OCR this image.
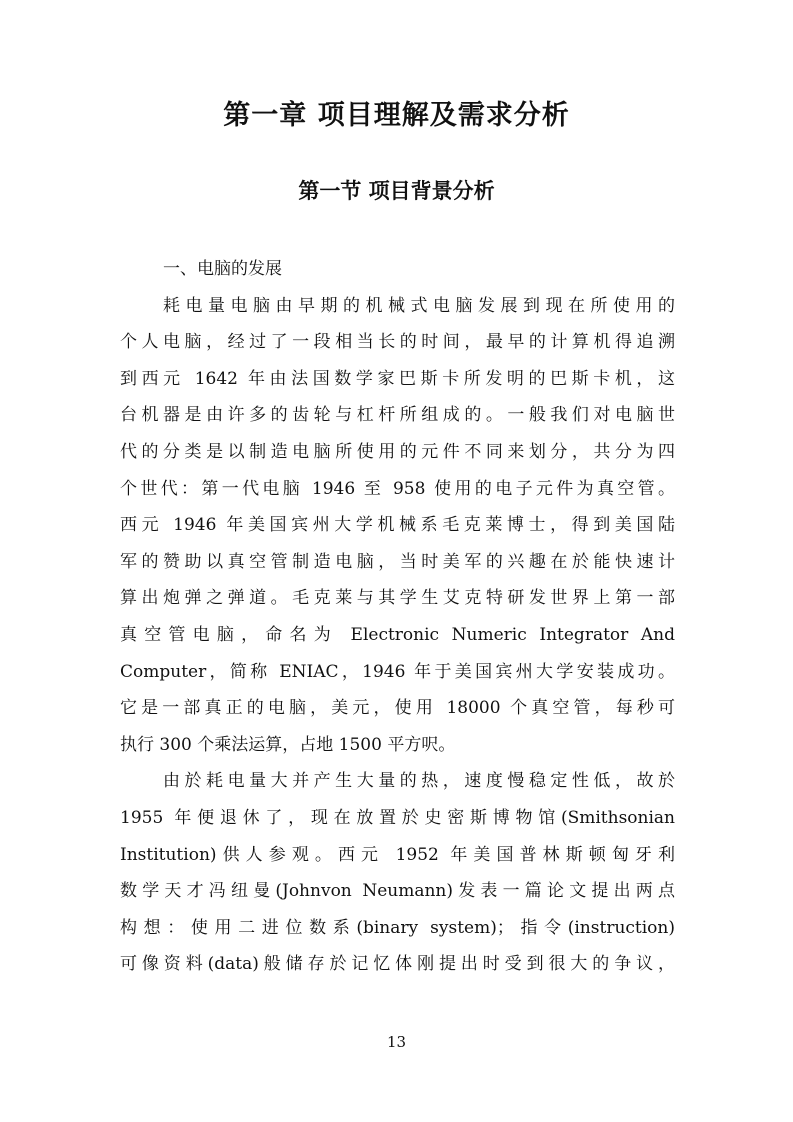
第一章 项目理解及需求分析
第一节 项目背景分析
一、电脑的发展
耗电量电脑由早期的机械式电脑发展到现在所使用的
个人电脑，经过了一段相当长的时间，最早的计算机得追溯
到西元 1642 年由法国数学家巴斯卡所发明的巴斯卡机，这
台机器是由许多的齿轮与杠杆所组成的。一般我们对电脑世
代的分类是以制造电脑所使用的元件不同来划分，共分为四
个世代：第一代电脑 1946 至 958 使用的电子元件为真空管。
西元 1946 年美国宾州大学机械系毛克莱博士，得到美国陆
军的赞助以真空管制造电脑，当时美军的兴趣在於能快速计
算出炮弹之弹道。毛克莱与其学生艾克特研发世界上第一部
真空管电脑，命名为 Electronic Numeric Integrator And
Computer，简称 ENIAC，1946 年于美国宾州大学安装成功。
它是一部真正的电脑，美元，使用 18000 个真空管，每秒可
执行 300 个乘法运算，占地 1500 平方呎。
由於耗电量大并产生大量的热，速度慢稳定性低，故於
1955 年便退休了，现在放置於史密斯博物馆(Smithsonian
Institution)供人参观。西元 1952 年美国普林斯顿匈牙利
数学天才冯纽曼(Johnvon Neumann)发表一篇论文提出两点
构想：使用二进位数系(binary system)；指令(instruction)
可像资料(data)般储存於记忆体刚提出时受到很大的争议，
13
